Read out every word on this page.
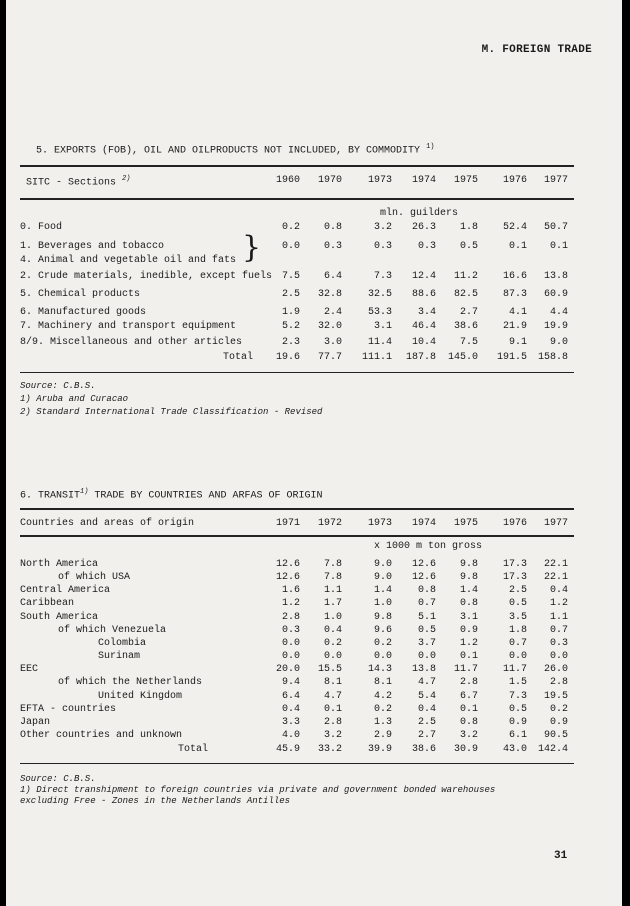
M. FOREIGN TRADE
5. EXPORTS (FOB), OIL AND OILPRODUCTS NOT INCLUDED, BY COMMODITY $^{1)}$
SITC - Sections $^{2)}$	1960	1970	1973	1974	1975	1976	1977
mln. guilders
0. Food	0.2	0.8	3.2	26.3	1.8	52.4	50.7
1. Beverages and tobacco	0.0	0.3	0.3	0.3	0.5	0.1	0.1
4. Animal and vegetable oil and fats
2. Crude materials, inedible, except fuels 7.5	6.4	7.3	12.4	11.2	16.6	13.8
5. Chemical products	2.5	32.8	32.5	88.6	82.5	87.3	60.9
6. Manufactured goods	1.9	2.4	53.3	3.4	2.7	4.1	4.4
7. Machinery and transport equipment	5.2	32.0	3.1	46.4	38.6	21.9	19.9
8/9. Miscellaneous and other articles	2.3	3.0	11.4	10.4	7.5	9.1	9.0
Total	19.6	77.7	111.1	187.8	145.0	191.5	158.8
}
Source: C.B.S.
1) Aruba and Curacao
2) Standard International Trade Classification - Revised
6. TRANSIT$^{1)}$ TRADE BY COUNTRIES AND ARFAS OF ORIGIN
Countries and areas of origin	1971	1972	1973	1974	1975	1976	1977
x 1000 m ton gross
North America	12.6	7.8	9.0	12.6	9.8	17.3	22.1
of which USA	12.6	7.8	9.0	12.6	9.8	17.3	22.1
Central America	1.6	1.1	1.4	0.8	1.4	2.5	0.4
Caribbean	1.2	1.7	1.0	0.7	0.8	0.5	1.2
South America	2.8	1.0	9.8	5.1	3.1	3.5	1.1
of which Venezuela	0.3	0.4	9.6	0.5	0.9	1.8	0.7
Colombia	0.0	0.2	0.2	3.7	1.2	0.7	0.3
Surinam	0.0	0.0	0.0	0.0	0.1	0.0	0.0
EEC	20.0	15.5	14.3	13.8	11.7	11.7	26.0
of which the Netherlands	9.4	8.1	8.1	4.7	2.8	1.5	2.8
United Kingdom	6.4	4.7	4.2	5.4	6.7	7.3	19.5
EFTA - countries	0.4	0.1	0.2	0.4	0.1	0.5	0.2
Japan	3.3	2.8	1.3	2.5	0.8	0.9	0.9
Other countries and unknown	4.0	3.2	2.9	2.7	3.2	6.1	90.5
Total	45.9	33.2	39.9	38.6	30.9	43.0	142.4
Source: C.B.S.
1) Direct transhipment to foreign countries via private and government bonded warehouses
excluding Free - Zones in the Netherlands Antilles
31
